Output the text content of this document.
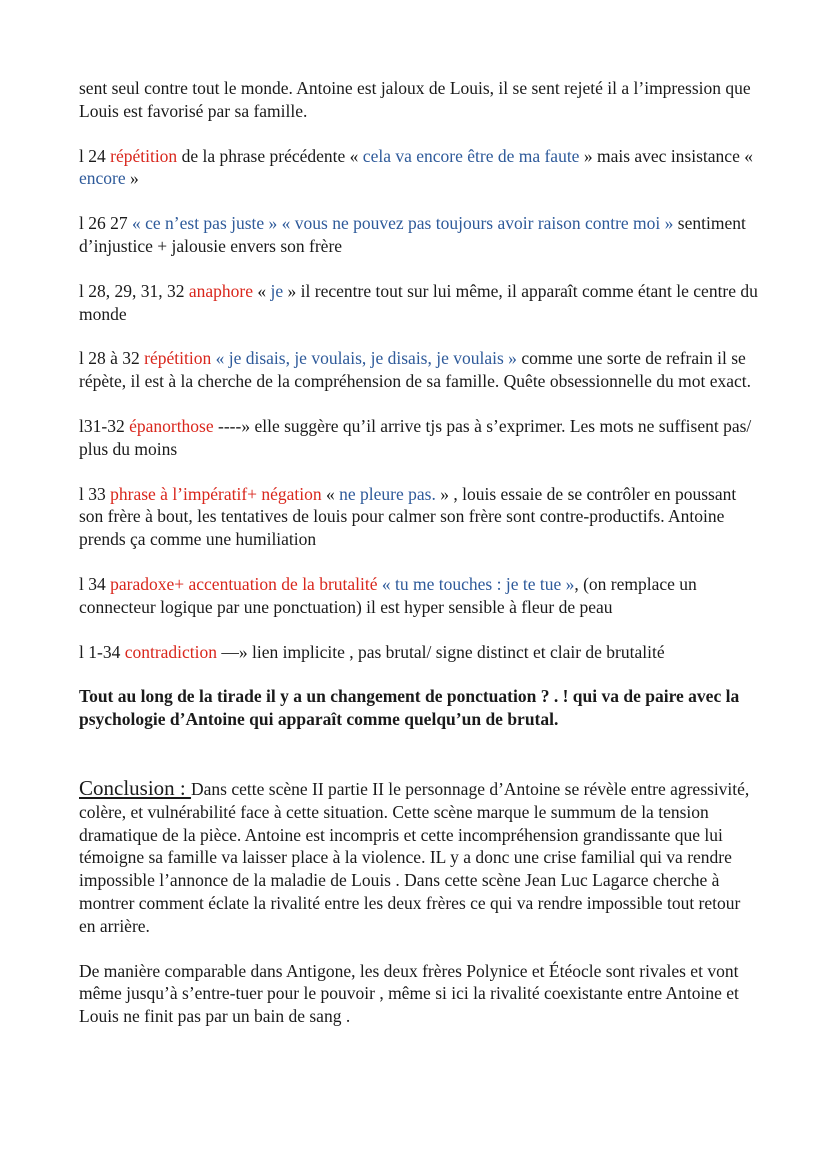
sent seul contre tout le monde. Antoine est jaloux de Louis, il se sent rejeté il a l’impression que Louis est favorisé par sa famille.

l 24 répétition de la phrase précédente « cela va encore être de ma faute » mais avec insistance « encore »

l 26 27 « ce n’est pas juste » « vous ne pouvez pas toujours avoir raison contre moi » sentiment d’injustice + jalousie envers son frère

l 28, 29, 31, 32 anaphore « je » il recentre tout sur lui même, il apparaît comme étant le centre du monde

l 28 à 32 répétition « je disais, je voulais, je disais, je voulais » comme une sorte de refrain il se répète, il est à la cherche de la compréhension de sa famille. Quête obsessionnelle du mot exact.

l31-32 épanorthose ----» elle suggère qu’il arrive tjs pas à s’exprimer. Les mots ne suffisent pas/ plus du moins

l 33 phrase à l’impératif+ négation « ne pleure pas. » , louis essaie de se contrôler en poussant son frère à bout, les tentatives de louis pour calmer son frère sont contre-productifs. Antoine prends ça comme une humiliation

l 34 paradoxe+ accentuation de la brutalité « tu me touches : je te tue », (on remplace un connecteur logique par une ponctuation) il est hyper sensible à fleur de peau

l 1-34 contradiction —» lien implicite , pas brutal/ signe distinct et clair de brutalité

Tout au long de la tirade il y a un changement de ponctuation ? . ! qui va de paire avec la psychologie d’Antoine qui apparaît comme quelqu’un de brutal.

Conclusion : Dans cette scène II partie II le personnage d’Antoine se révèle entre agressivité, colère, et vulnérabilité face à cette situation. Cette scène marque le summum de la tension dramatique de la pièce. Antoine est incompris et cette incompréhension grandissante que lui témoigne sa famille va laisser place à la violence. IL y a donc une crise familial qui va rendre impossible l’annonce de la maladie de Louis . Dans cette scène Jean Luc Lagarce cherche à montrer comment éclate la rivalité entre les deux frères ce qui va rendre impossible tout retour en arrière.

De manière comparable dans Antigone, les deux frères Polynice et Étéocle sont rivales et vont même jusqu’à s’entre-tuer pour le pouvoir , même si ici la rivalité coexistante entre Antoine et Louis ne finit pas par un bain de sang .
